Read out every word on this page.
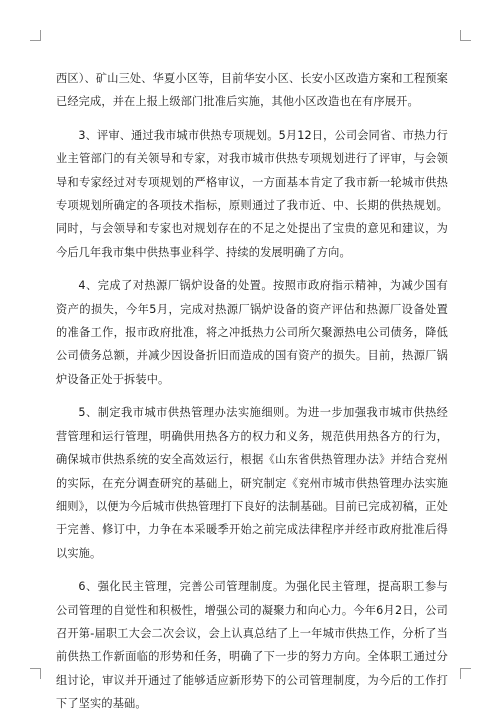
西区）、矿山三处、华夏小区等，目前华安小区、长安小区改造方案和工程预案已经完成，并在上报上级部门批准后实施，其他小区改造也在有序展开。

3、评审、通过我市城市供热专项规划。5月12日，公司会同省、市热力行业主管部门的有关领导和专家，对我市城市供热专项规划进行了评审，与会领导和专家经过对专项规划的严格审议，一方面基本肯定了我市新一轮城市供热专项规划所确定的各项技术指标，原则通过了我市近、中、长期的供热规划。同时，与会领导和专家也对规划存在的不足之处提出了宝贵的意见和建议，为今后几年我市集中供热事业科学、持续的发展明确了方向。

4、完成了对热源厂锅炉设备的处置。按照市政府指示精神，为减少国有资产的损失，今年5月，完成对热源厂锅炉设备的资产评估和热源厂设备处置的准备工作，报市政府批准，将之冲抵热力公司所欠聚源热电公司债务，降低公司债务总额，并减少因设备折旧而造成的国有资产的损失。目前，热源厂锅炉设备正处于拆装中。

5、制定我市城市供热管理办法实施细则。为进一步加强我市城市供热经营管理和运行管理，明确供用热各方的权力和义务，规范供用热各方的行为，确保城市供热系统的安全高效运行，根据《山东省供热管理办法》并结合兖州的实际，在充分调查研究的基础上，研究制定《兖州市城市供热管理办法实施细则》，以便为今后城市供热管理打下良好的法制基础。目前已完成初稿，正处于完善、修订中，力争在本采暖季开始之前完成法律程序并经市政府批准后得以实施。

6、强化民主管理，完善公司管理制度。为强化民主管理，提高职工参与公司管理的自觉性和积极性，增强公司的凝聚力和向心力。今年6月2日，公司召开第-届职工大会二次会议，会上认真总结了上一年城市供热工作，分析了当前供热工作新面临的形势和任务，明确了下一步的努力方向。全体职工通过分组讨论，审议并开通过了能够适应新形势下的公司管理制度，为今后的工作打下了坚实的基础。
